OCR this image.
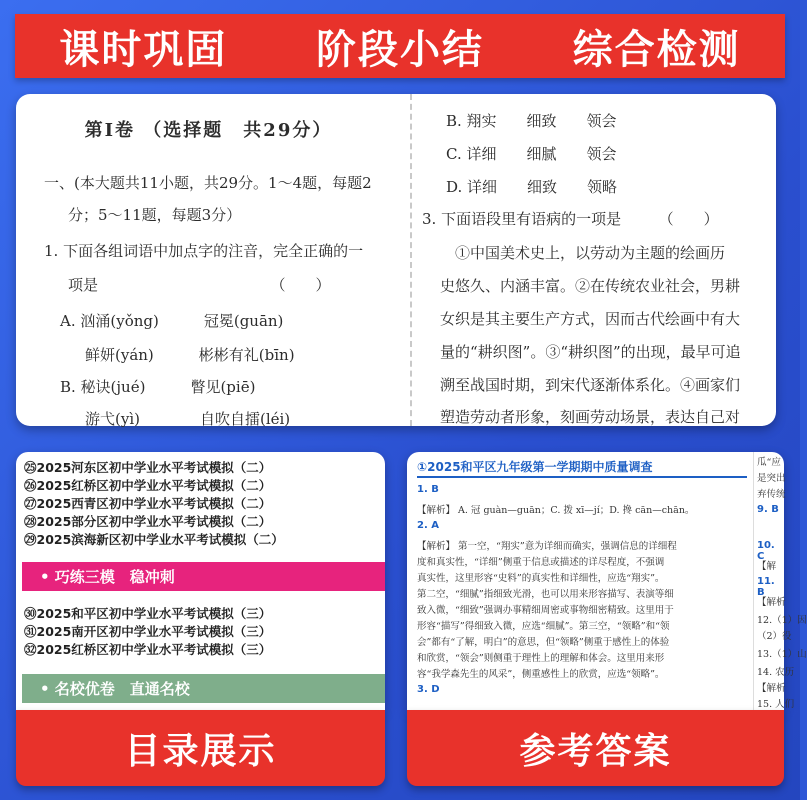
课时巩固 阶段小结 综合检测
第Ⅰ卷 （选择题　共29分）
一、(本大题共11小题，共29分。1～4题，每题2
分；5～11题，每题3分）
1. 下面各组词语中加点字的注音，完全正确的一
项是　　　　　　　　　　　　（　　）
A. 汹涌(yǒng)　　　冠冕(guān)
　鲜妍(yán)　　　彬彬有礼(bīn)
B. 秘诀(jué)　　　瞥见(piē)
　游弋(yì)　　　　自吹自擂(léi)
B. 翔实　　细致　　领会
C. 详细　　细腻　　领会
D. 详细　　细致　　领略
3. 下面语段里有语病的一项是　　　（　　）
　①中国美术史上，以劳动为主题的绘画历
史悠久、内涵丰富。②在传统农业社会，男耕
女织是其主要生产方式，因而古代绘画中有大
量的“耕织图”。③“耕织图”的出现，最早可追
溯至战国时期，到宋代逐渐体系化。④画家们
塑造劳动者形象，刻画劳动场景，表达自己对
㉕2025河东区初中学业水平考试模拟（二）
㉖2025红桥区初中学业水平考试模拟（二）
㉗2025西青区初中学业水平考试模拟（二）
㉘2025部分区初中学业水平考试模拟（二）
㉙2025滨海新区初中学业水平考试模拟（二）
• 巧练三模　稳冲刺
㉚2025和平区初中学业水平考试模拟（三）
㉛2025南开区初中学业水平考试模拟（三）
㉜2025红桥区初中学业水平考试模拟（三）
• 名校优卷　直通名校
①2025和平区九年级第一学期期中质量调查
1. B
【解析】 A. 冠 guàn—guān；C. 拨 xī—jí；D. 搀 cān—chān。
2. A
【解析】 第一空，“翔实”意为详细而确实，强调信息的详细程
度和真实性，“详细”侧重于信息或描述的详尽程度，不强调
真实性，这里形容“史料”的真实性和详细性，应选“翔实”。
第二空，“细腻”指细致光滑，也可以用来形容描写、表演等细
致入微，“细致”强调办事精细周密或事物细密精致。这里用于
形容“描写”得细致入微，应选“细腻”。第三空，“领略”和“领
会”都有“了解，明白”的意思，但“领略”侧重于感性上的体验
和欣赏，“领会”则侧重于理性上的理解和体会。这里用来形
容“我学森先生的风采”，侧重感性上的欣赏，应选“领略”。
3. D
瓜“应
是突出
弃传统
9. B
10. C
【解
11. B
【解析
12.（1）因
（2）役
13.（1）山
14. 农历
【解析
15. 人们
目录展示	参考答案
